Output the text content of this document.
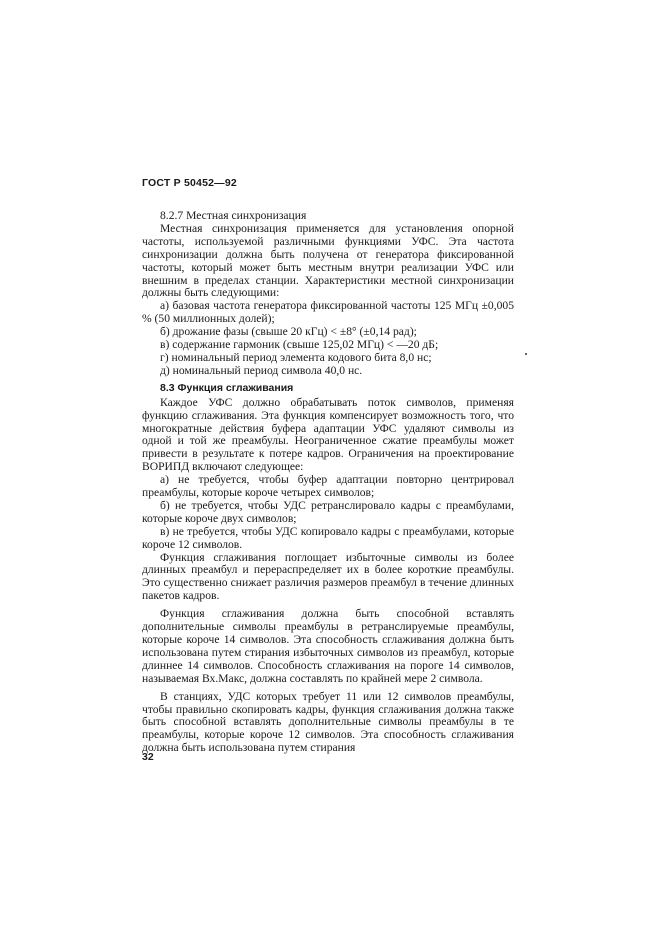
ГОСТ Р 50452—92

8.2.7 Местная синхронизация

Местная синхронизация применяется для установления опорной частоты, используемой различными функциями УФС. Эта частота синхронизации должна быть получена от генератора фиксированной частоты, который может быть местным внутри реализации УФС или внешним в пределах станции. Характеристики местной синхронизации должны быть следующими:

а) базовая частота генератора фиксированной частоты 125 МГц ±0,005 % (50 миллионных долей);
б) дрожание фазы (свыше 20 кГц) < ±8° (±0,14 рад);
в) содержание гармоник (свыше 125,02 МГц) < —20 дБ;
г) номинальный период элемента кодового бита 8,0 нс;
д) номинальный период символа 40,0 нс.
8.3 Функция сглаживания

Каждое УФС должно обрабатывать поток символов, применяя функцию сглаживания. Эта функция компенсирует возможность того, что многократные действия буфера адаптации УФС удаляют символы из одной и той же преамбулы. Неограниченное сжатие преамбулы может привести в результате к потере кадров. Ограничения на проектирование ВОРИПД включают следующее:

а) не требуется, чтобы буфер адаптации повторно центрировал преамбулы, которые короче четырех символов;
б) не требуется, чтобы УДС ретранслировало кадры с преамбулами, которые короче двух символов;
в) не требуется, чтобы УДС копировало кадры с преамбулами, которые короче 12 символов.

Функция сглаживания поглощает избыточные символы из более длинных преамбул и перераспределяет их в более короткие преамбулы. Это существенно снижает различия размеров преамбул в течение длинных пакетов кадров.

Функция сглаживания должна быть способной вставлять дополнительные символы преамбулы в ретранслируемые преамбулы, которые короче 14 символов. Эта способность сглаживания должна быть использована путем стирания избыточных символов из преамбул, которые длиннее 14 символов. Способность сглаживания на пороге 14 символов, называемая Вх.Макс, должна составлять по крайней мере 2 символа.

В станциях, УДС которых требует 11 или 12 символов преамбулы, чтобы правильно скопировать кадры, функция сглаживания должна также быть способной вставлять дополнительные символы преамбулы в те преамбулы, которые короче 12 символов. Эта способность сглаживания должна быть использована путем стирания

32
